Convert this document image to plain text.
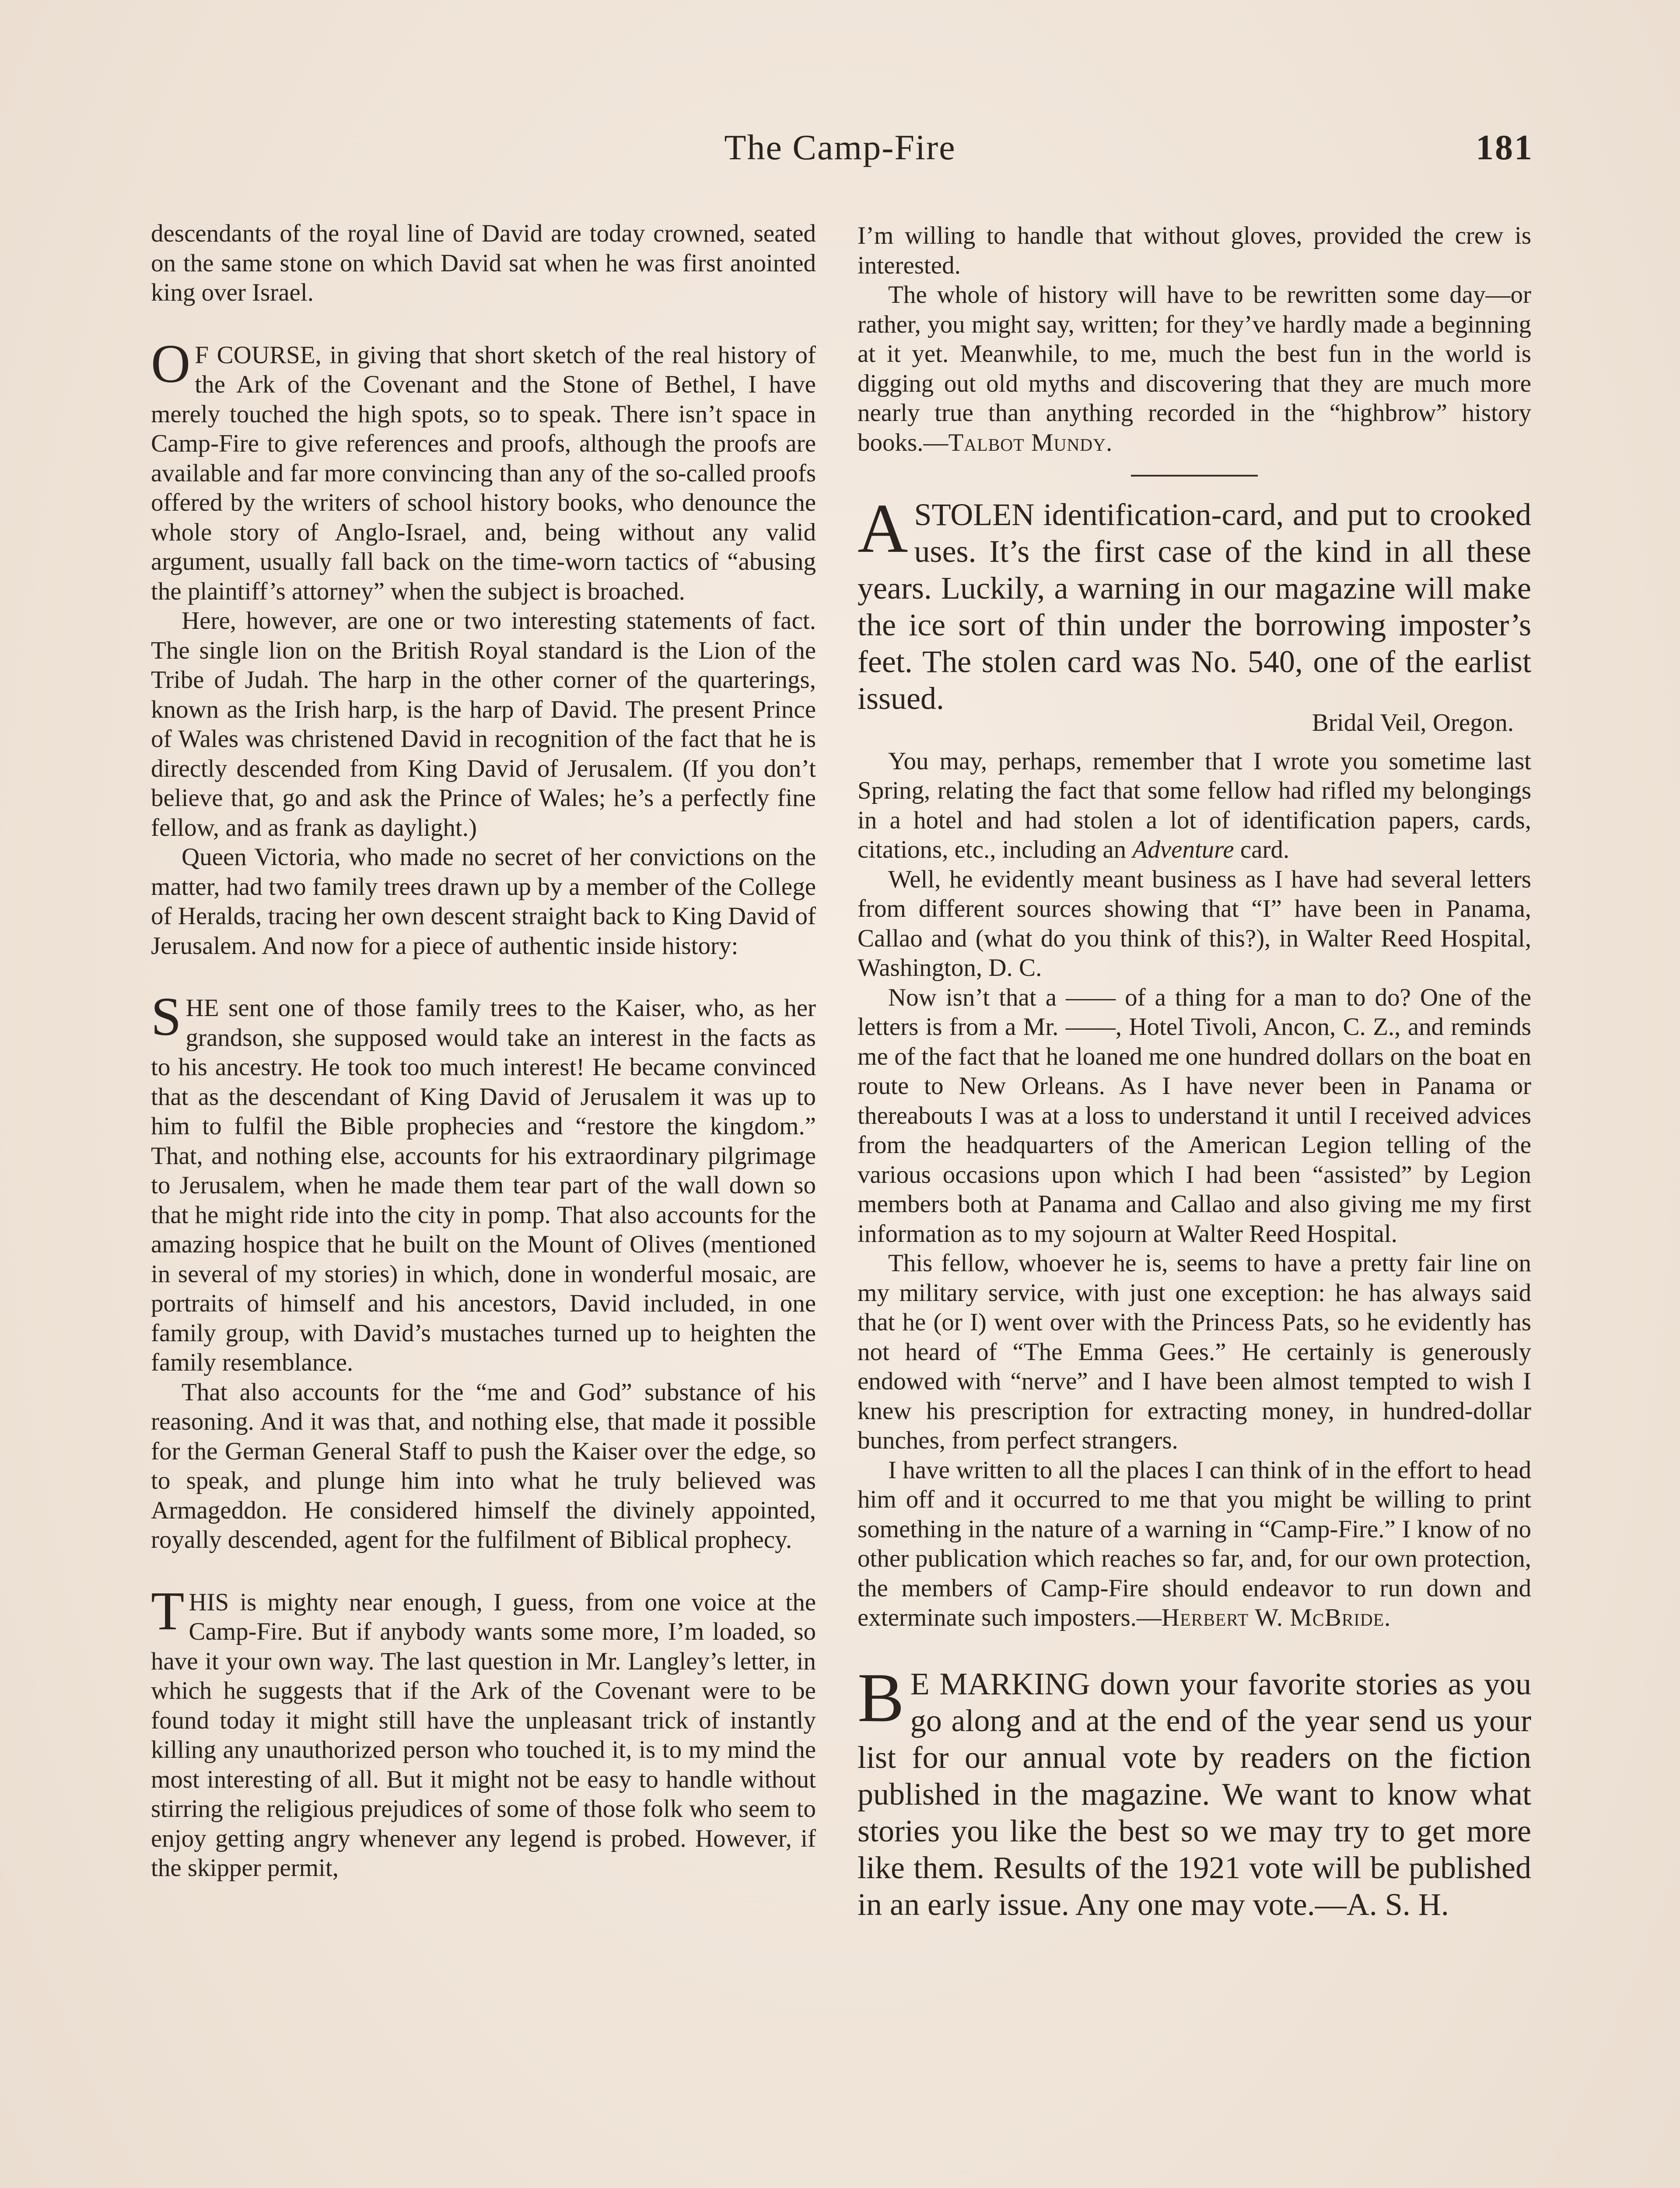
The Camp-Fire	181

descendants of the royal line of David are today crowned, seated on the same stone on which David sat when he was first anointed king over Israel.

O F COURSE, in giving that short sketch of the real history of the Ark of the Covenant and the Stone of Bethel, I have merely touched the high spots, so to speak. There isn’t space in Camp-Fire to give references and proofs, although the proofs are available and far more convincing than any of the so-called proofs offered by the writers of school history books, who denounce the whole story of Anglo-Israel, and, being without any valid argument, usually fall back on the time-worn tactics of “abusing the plaintiff’s attorney” when the subject is broached.

Here, however, are one or two interesting statements of fact. The single lion on the British Royal standard is the Lion of the Tribe of Judah. The harp in the other corner of the quarterings, known as the Irish harp, is the harp of David. The present Prince of Wales was christened David in recognition of the fact that he is directly descended from King David of Jerusalem. (If you don’t believe that, go and ask the Prince of Wales; he’s a perfectly fine fellow, and as frank as daylight.)

Queen Victoria, who made no secret of her convictions on the matter, had two family trees drawn up by a member of the College of Heralds, tracing her own descent straight back to King David of Jerusalem. And now for a piece of authentic inside history:

SHE sent one of those family trees to the Kaiser, who, as her grandson, she supposed would take an interest in the facts as to his ancestry. He took too much interest! He became convinced that as the descendant of King David of Jerusalem it was up to him to fulfil the Bible prophecies and “restore the kingdom.” That, and nothing else, accounts for his extraordinary pilgrimage to Jerusalem, when he made them tear part of the wall down so that he might ride into the city in pomp. That also accounts for the amazing hospice that he built on the Mount of Olives (mentioned in several of my stories) in which, done in wonderful mosaic, are portraits of himself and his ancestors, David included, in one family group, with David’s mustaches turned up to heighten the family resemblance.

That also accounts for the “me and God” substance of his reasoning. And it was that, and nothing else, that made it possible for the German General Staff to push the Kaiser over the edge, so to speak, and plunge him into what he truly believed was Armageddon. He considered himself the divinely appointed, royally descended, agent for the fulfilment of Biblical prophecy.

THIS is mighty near enough, I guess, from one voice at the Camp-Fire. But if anybody wants some more, I’m loaded, so have it your own way. The last question in Mr. Langley’s letter, in which he suggests that if the Ark of the Covenant were to be found today it might still have the unpleasant trick of instantly killing any unauthorized person who touched it, is to my mind the most interesting of all. But it might not be easy to handle without stirring the religious prejudices of some of those folk who seem to enjoy getting angry whenever any legend is probed. However, if the skipper permit,

I’m willing to handle that without gloves, provided the crew is interested.

The whole of history will have to be rewritten some day—or rather, you might say, written; for they’ve hardly made a beginning at it yet. Meanwhile, to me, much the best fun in the world is digging out old myths and discovering that they are much more nearly true than anything recorded in the “highbrow” history books.—Talbot Mundy.

A STOLEN identification-card, and put to crooked uses. It’s the first case of the kind in all these years. Luckily, a warning in our magazine will make the ice sort of thin under the borrowing imposter’s feet. The stolen card was No. 540, one of the earlist issued.

Bridal Veil, Oregon.

You may, perhaps, remember that I wrote you sometime last Spring, relating the fact that some fellow had rifled my belongings in a hotel and had stolen a lot of identification papers, cards, citations, etc., including an Adventure card.

Well, he evidently meant business as I have had several letters from different sources showing that “I” have been in Panama, Callao and (what do you think of this?), in Walter Reed Hospital, Washington, D. C.

Now isn’t that a —— of a thing for a man to do? One of the letters is from a Mr. ——, Hotel Tivoli, Ancon, C. Z., and reminds me of the fact that he loaned me one hundred dollars on the boat en route to New Orleans. As I have never been in Panama or thereabouts I was at a loss to understand it until I received advices from the headquarters of the American Legion telling of the various occasions upon which I had been “assisted” by Legion members both at Panama and Callao and also giving me my first information as to my sojourn at Walter Reed Hospital.

This fellow, whoever he is, seems to have a pretty fair line on my military service, with just one exception: he has always said that he (or I) went over with the Princess Pats, so he evidently has not heard of “The Emma Gees.” He certainly is generously endowed with “nerve” and I have been almost tempted to wish I knew his prescription for extracting money, in hundred-dollar bunches, from perfect strangers.

I have written to all the places I can think of in the effort to head him off and it occurred to me that you might be willing to print something in the nature of a warning in “Camp-Fire.” I know of no other publication which reaches so far, and, for our own protection, the members of Camp-Fire should endeavor to run down and exterminate such imposters.—Herbert W. McBride.

B E MARKING down your favorite stories as you go along and at the end of the year send us your list for our annual vote by readers on the fiction published in the magazine. We want to know what stories you like the best so we may try to get more like them. Results of the 1921 vote will be published in an early issue. Any one may vote.—A. S. H.
